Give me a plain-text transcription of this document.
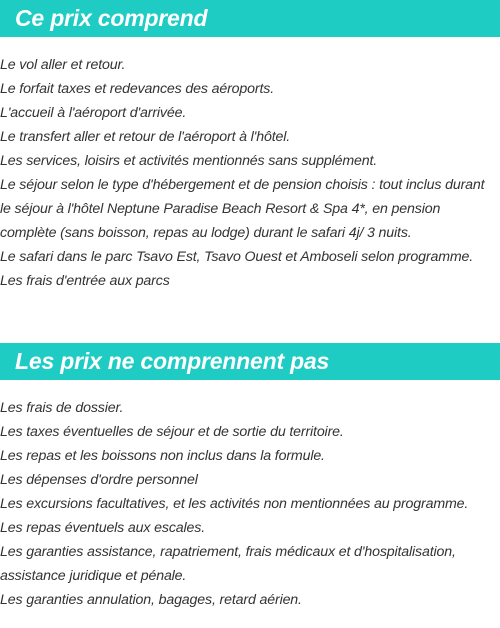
Ce prix comprend
Le vol aller et retour.
Le forfait taxes et redevances des aéroports.
L'accueil à l'aéroport d'arrivée.
Le transfert aller et retour de l'aéroport à l'hôtel.
Les services, loisirs et activités mentionnés sans supplément.
Le séjour selon le type d'hébergement et de pension choisis : tout inclus durant le séjour à l'hôtel Neptune Paradise Beach Resort & Spa 4*, en pension complète (sans boisson, repas au lodge) durant le safari 4j/ 3 nuits.
Le safari dans le parc Tsavo Est, Tsavo Ouest et Amboseli selon programme.
Les frais d'entrée aux parcs
Les prix ne comprennent pas
Les frais de dossier.
Les taxes éventuelles de séjour et de sortie du territoire.
Les repas et les boissons non inclus dans la formule.
Les dépenses d'ordre personnel
Les excursions facultatives, et les activités non mentionnées au programme.
Les repas éventuels aux escales.
Les garanties assistance, rapatriement, frais médicaux et d'hospitalisation, assistance juridique et pénale.
Les garanties annulation, bagages, retard aérien.
